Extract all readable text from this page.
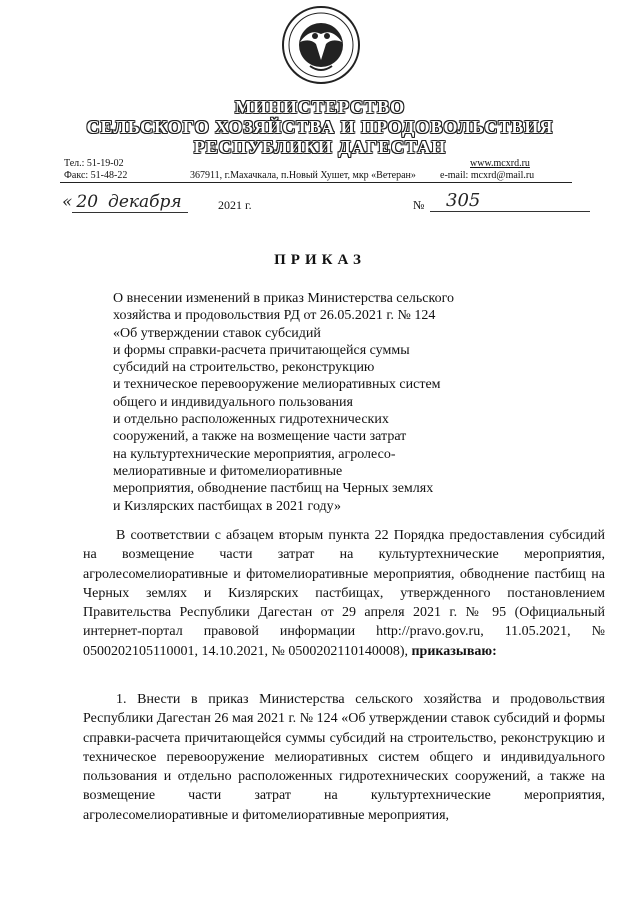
МИНИСТЕРСТВО
СЕЛЬСКОГО ХОЗЯЙСТВА И ПРОДОВОЛЬСТВИЯ
РЕСПУБЛИКИ ДАГЕСТАН
Тел.: 51-19-02
Факс: 51-48-22	367911, г.Махачкала, п.Новый Хушет, мкр «Ветеран»
www.mcxrd.ru
e-mail: mcxrd@mail.ru
« 20 декабря	2021 г.	№	305
ПРИКАЗ
О внесении изменений в приказ Министерства сельского
хозяйства и продовольствия РД от 26.05.2021 г. № 124
«Об утверждении ставок субсидий
и формы справки-расчета причитающейся суммы
субсидий на строительство, реконструкцию
и техническое перевооружение мелиоративных систем
общего и индивидуального пользования
и отдельно расположенных гидротехнических
сооружений, а также на возмещение части затрат
на культуртехнические мероприятия, агролесо-
мелиоративные и фитомелиоративные
мероприятия, обводнение пастбищ на Черных землях
и Кизлярских пастбищах в 2021 году»
В соответствии с абзацем вторым пункта 22 Порядка предоставления субсидий на возмещение части затрат на культуртехнические мероприятия, агролесомелиоративные и фитомелиоративные мероприятия, обводнение пастбищ на Черных землях и Кизлярских пастбищах, утвержденного постановлением Правительства Республики Дагестан от 29 апреля 2021 г. № 95 (Официальный интернет-портал правовой информации http://pravo.gov.ru, 11.05.2021, № 0500202105110001, 14.10.2021, № 0500202110140008), приказываю:
1. Внести в приказ Министерства сельского хозяйства и продовольствия Республики Дагестан 26 мая 2021 г. № 124 «Об утверждении ставок субсидий и формы справки-расчета причитающейся суммы субсидий на строительство, реконструкцию и техническое перевооружение мелиоративных систем общего и индивидуального пользования и отдельно расположенных гидротехнических сооружений, а также на возмещение части затрат на культуртехнические мероприятия, агролесомелиоративные и фитомелиоративные мероприятия,
